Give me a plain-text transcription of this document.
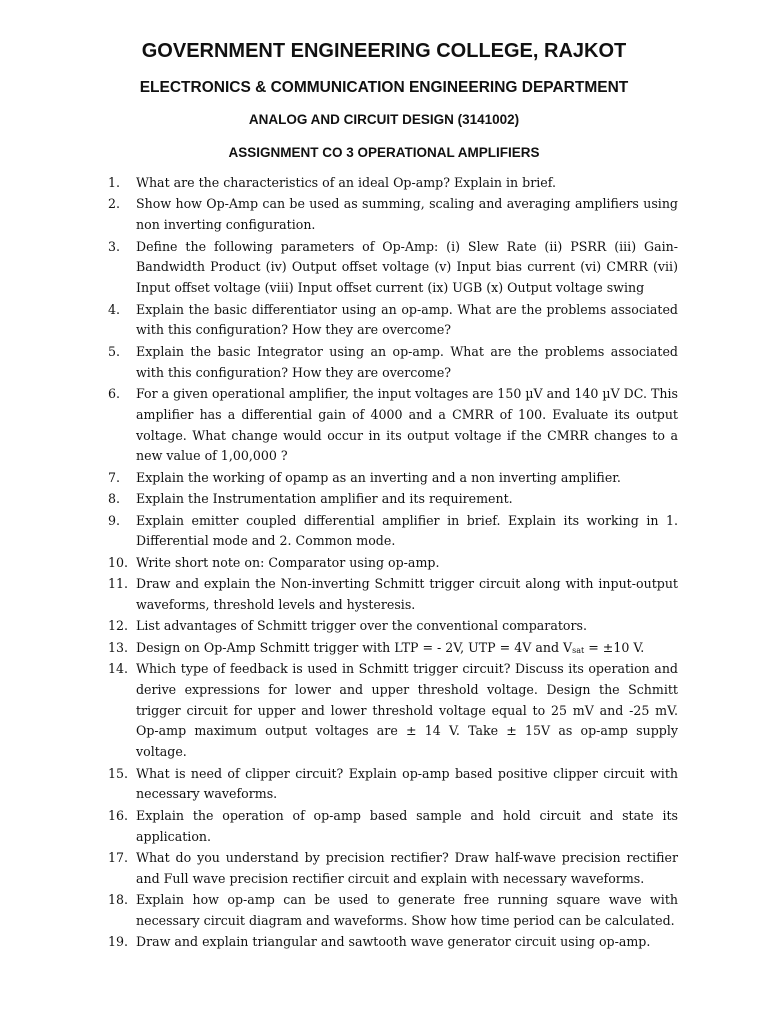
GOVERNMENT ENGINEERING COLLEGE, RAJKOT
ELECTRONICS & COMMUNICATION ENGINEERING DEPARTMENT
ANALOG AND CIRCUIT DESIGN (3141002)
ASSIGNMENT CO 3 OPERATIONAL AMPLIFIERS
1.	What are the characteristics of an ideal Op-amp? Explain in brief.
2.	Show how Op-Amp can be used as summing, scaling and averaging amplifiers using non inverting configuration.
3.	Define the following parameters of Op-Amp: (i) Slew Rate (ii) PSRR (iii) Gain-Bandwidth Product (iv) Output offset voltage (v) Input bias current (vi) CMRR (vii) Input offset voltage (viii) Input offset current (ix) UGB (x) Output voltage swing
4.	Explain the basic differentiator using an op-amp. What are the problems associated with this configuration? How they are overcome?
5.	Explain the basic Integrator using an op-amp. What are the problems associated with this configuration? How they are overcome?
6.	For a given operational amplifier, the input voltages are 150 µV and 140 µV DC. This amplifier has a differential gain of 4000 and a CMRR of 100. Evaluate its output voltage. What change would occur in its output voltage if the CMRR changes to a new value of 1,00,000 ?
7.	Explain the working of opamp as an inverting and a non inverting amplifier.
8.	Explain the Instrumentation amplifier and its requirement.
9.	Explain emitter coupled differential amplifier in brief. Explain its working in 1. Differential mode and 2. Common mode.
10. Write short note on: Comparator using op-amp.
11. Draw and explain the Non-inverting Schmitt trigger circuit along with input-output waveforms, threshold levels and hysteresis.
12. List advantages of Schmitt trigger over the conventional comparators.
13. Design on Op-Amp Schmitt trigger with LTP = - 2V, UTP = 4V and $V_{sat} = \pm 10$ V.
14. Which type of feedback is used in Schmitt trigger circuit? Discuss its operation and derive expressions for lower and upper threshold voltage. Design the Schmitt trigger circuit for upper and lower threshold voltage equal to 25 mV and -25 mV. Op-amp maximum output voltages are ± 14 V. Take ± 15V as op-amp supply voltage.
15. What is need of clipper circuit? Explain op-amp based positive clipper circuit with necessary waveforms.
16. Explain the operation of op-amp based sample and hold circuit and state its application.
17. What do you understand by precision rectifier? Draw half-wave precision rectifier and Full wave precision rectifier circuit and explain with necessary waveforms.
18. Explain how op-amp can be used to generate free running square wave with necessary circuit diagram and waveforms. Show how time period can be calculated.
19. Draw and explain triangular and sawtooth wave generator circuit using op-amp.
